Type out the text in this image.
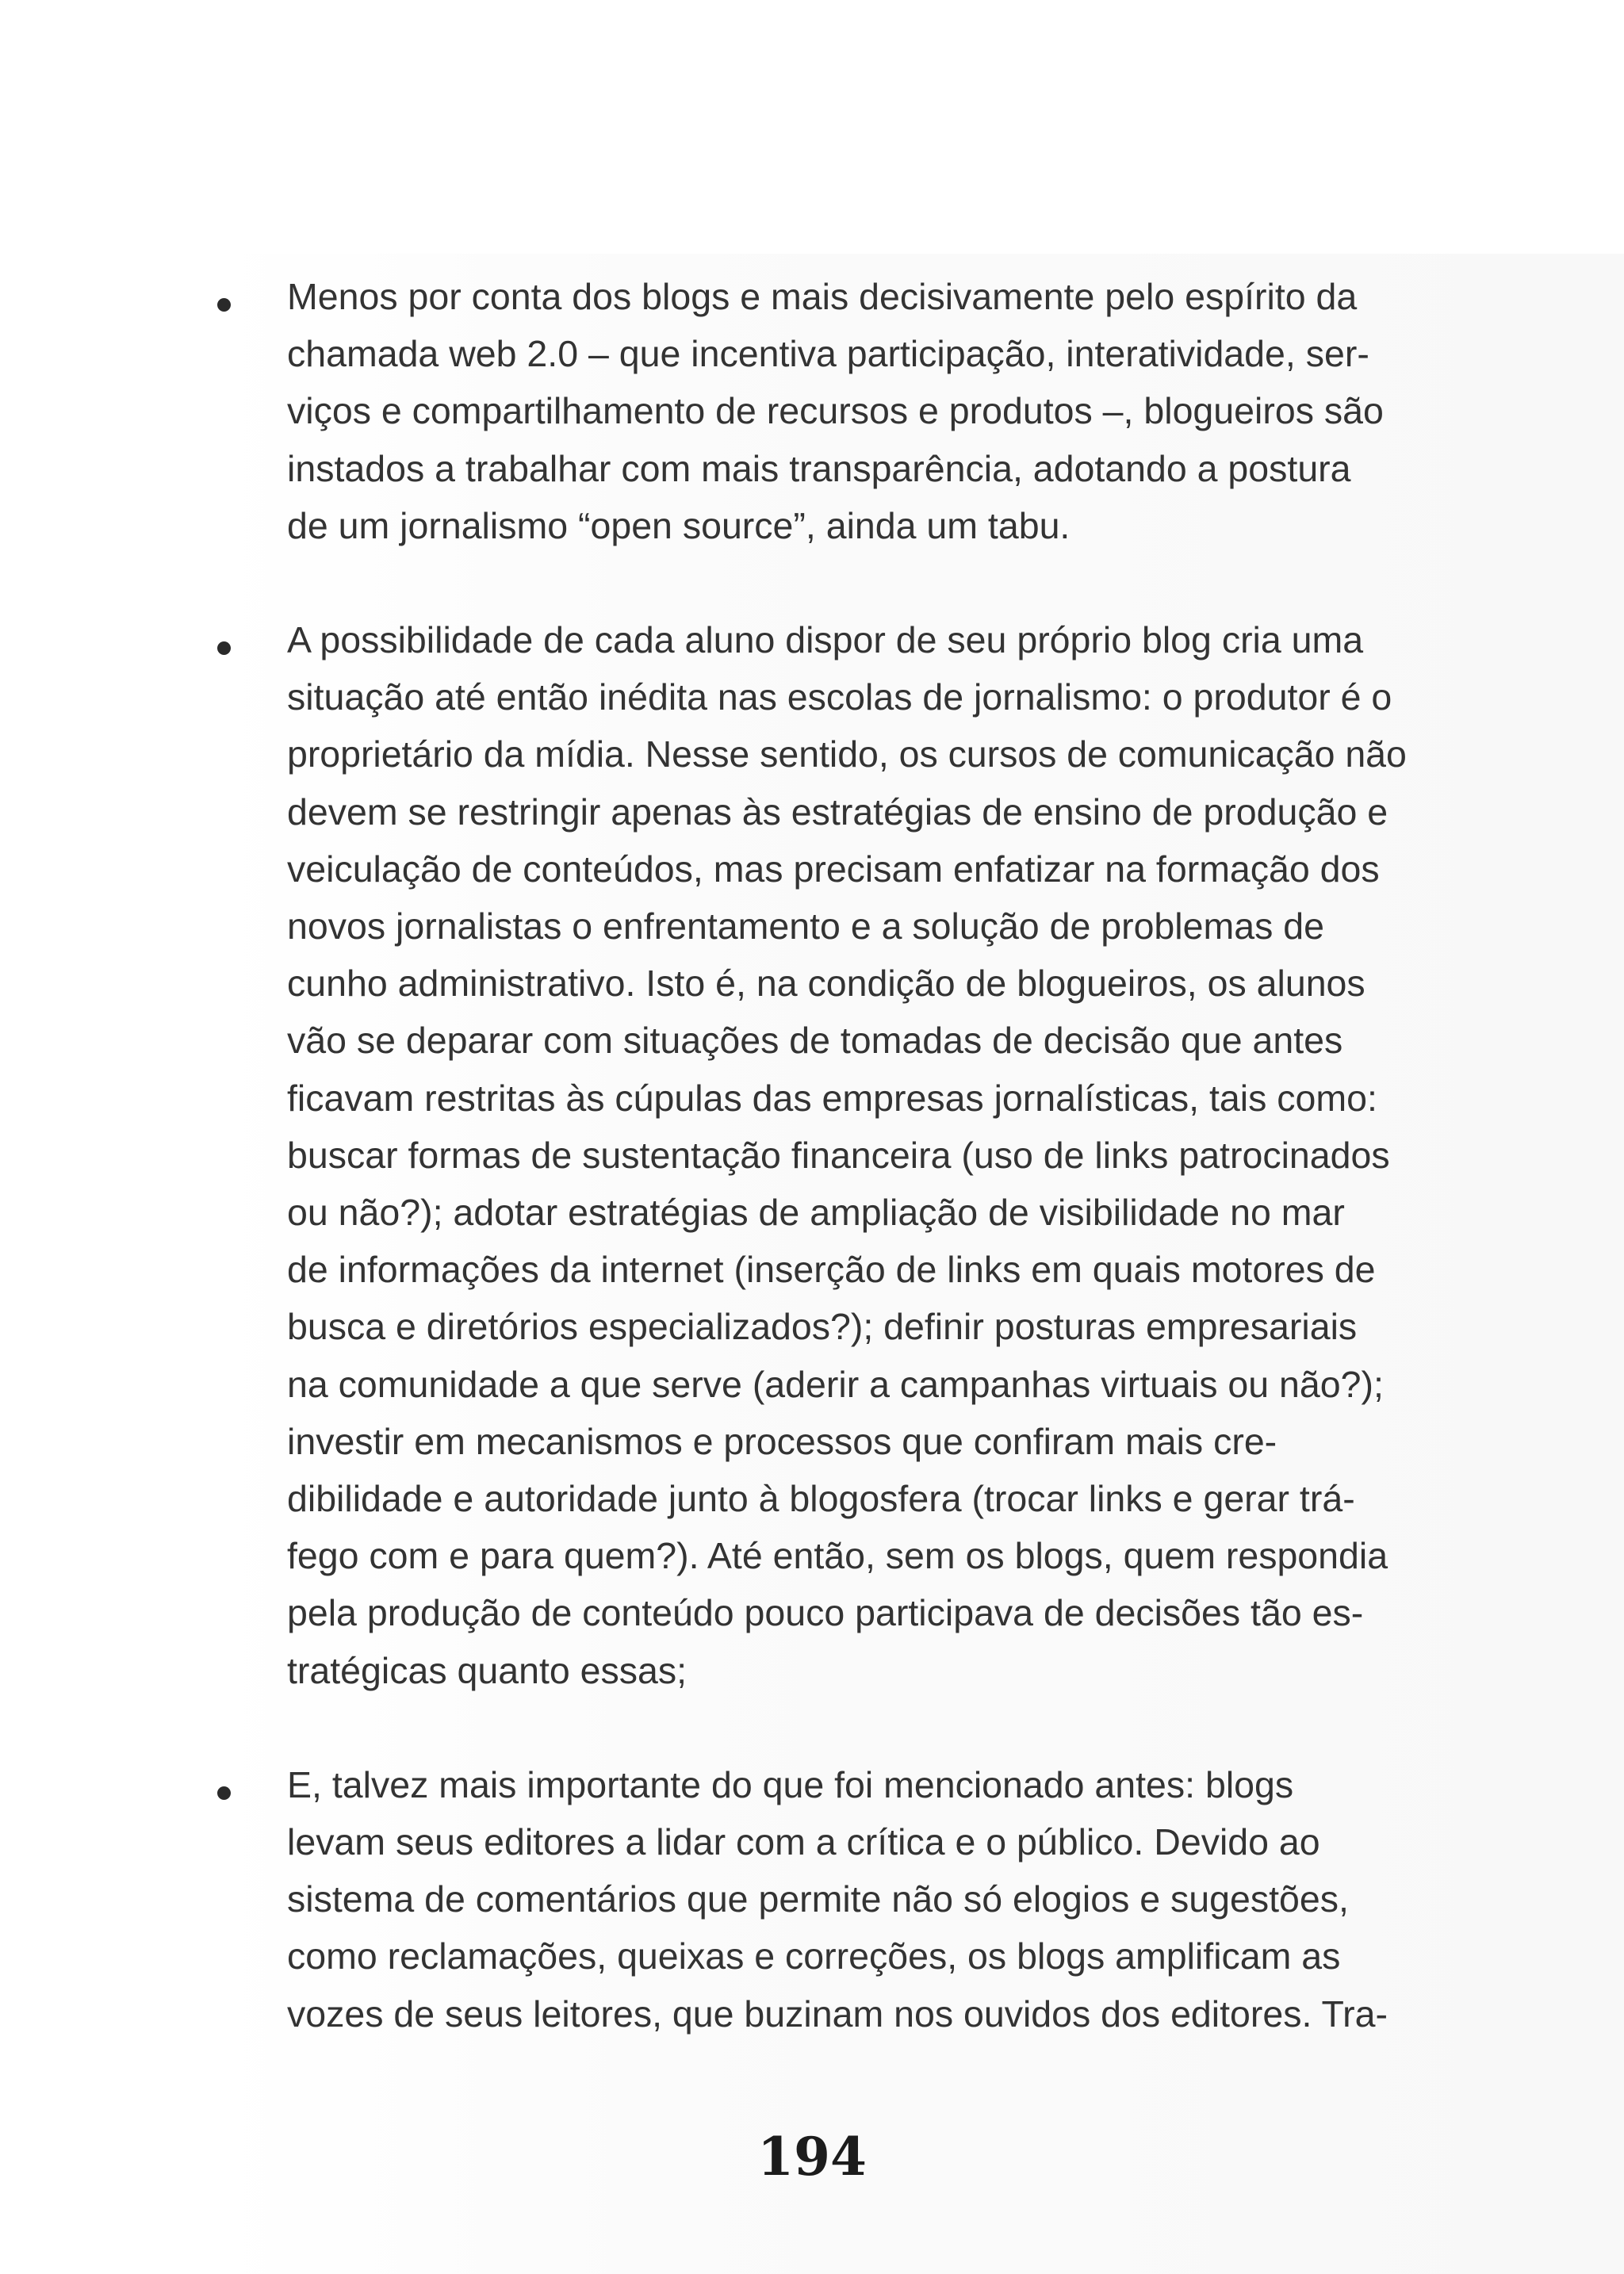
Menos por conta dos blogs e mais decisivamente pelo espírito da
chamada web 2.0 – que incentiva participação, interatividade, ser-
viços e compartilhamento de recursos e produtos –, blogueiros são
instados a trabalhar com mais transparência, adotando a postura
de um jornalismo “open source”, ainda um tabu.
A possibilidade de cada aluno dispor de seu próprio blog cria uma
situação até então inédita nas escolas de jornalismo: o produtor é o
proprietário da mídia. Nesse sentido, os cursos de comunicação não
devem se restringir apenas às estratégias de ensino de produção e
veiculação de conteúdos, mas precisam enfatizar na formação dos
novos jornalistas o enfrentamento e a solução de problemas de
cunho administrativo. Isto é, na condição de blogueiros, os alunos
vão se deparar com situações de tomadas de decisão que antes
ficavam restritas às cúpulas das empresas jornalísticas, tais como:
buscar formas de sustentação financeira (uso de links patrocinados
ou não?); adotar estratégias de ampliação de visibilidade no mar
de informações da internet (inserção de links em quais motores de
busca e diretórios especializados?); definir posturas empresariais
na comunidade a que serve (aderir a campanhas virtuais ou não?);
investir em mecanismos e processos que confiram mais cre-
dibilidade e autoridade junto à blogosfera (trocar links e gerar trá-
fego com e para quem?). Até então, sem os blogs, quem respondia
pela produção de conteúdo pouco participava de decisões tão es-
tratégicas quanto essas;
E, talvez mais importante do que foi mencionado antes: blogs
levam seus editores a lidar com a crítica e o público. Devido ao
sistema de comentários que permite não só elogios e sugestões,
como reclamações, queixas e correções, os blogs amplificam as
vozes de seus leitores, que buzinam nos ouvidos dos editores. Tra-
194
